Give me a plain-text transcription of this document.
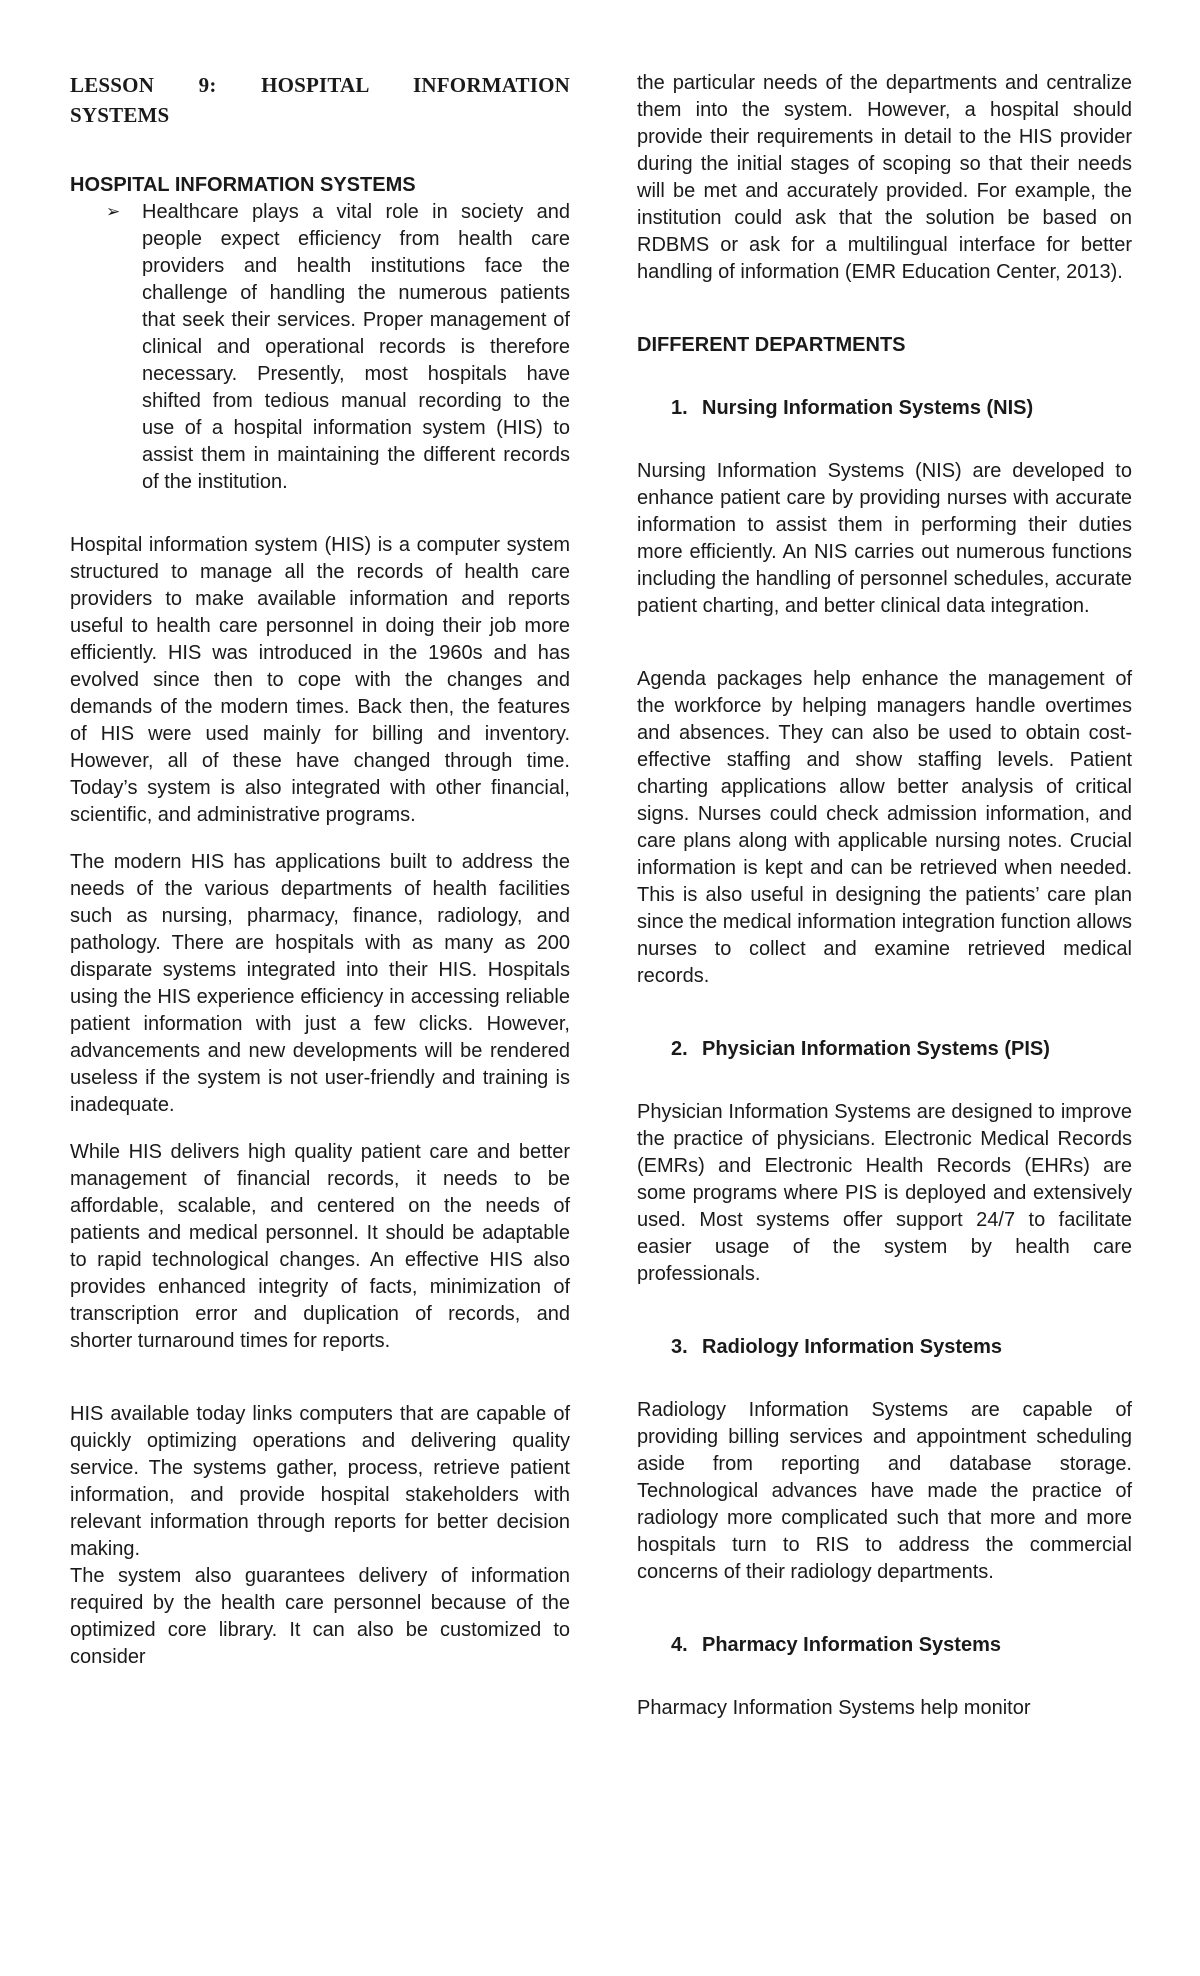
LESSON 9: HOSPITAL INFORMATION
SYSTEMS
HOSPITAL INFORMATION SYSTEMS
➢ Healthcare plays a vital role in society and people expect efficiency from health care providers and health institutions face the challenge of handling the numerous patients that seek their services. Proper management of clinical and operational records is therefore necessary. Presently, most hospitals have shifted from tedious manual recording to the use of a hospital information system (HIS) to assist them in maintaining the different records of the institution.

Hospital information system (HIS) is a computer system structured to manage all the records of health care providers to make available information and reports useful to health care personnel in doing their job more efficiently. HIS was introduced in the 1960s and has evolved since then to cope with the changes and demands of the modern times. Back then, the features of HIS were used mainly for billing and inventory. However, all of these have changed through time. Today’s system is also integrated with other financial, scientific, and administrative programs.

The modern HIS has applications built to address the needs of the various departments of health facilities such as nursing, pharmacy, finance, radiology, and pathology. There are hospitals with as many as 200 disparate systems integrated into their HIS. Hospitals using the HIS experience efficiency in accessing reliable patient information with just a few clicks. However, advancements and new developments will be rendered useless if the system is not user-friendly and training is inadequate.

While HIS delivers high quality patient care and better management of financial records, it needs to be affordable, scalable, and centered on the needs of patients and medical personnel. It should be adaptable to rapid technological changes. An effective HIS also provides enhanced integrity of facts, minimization of transcription error and duplication of records, and shorter turnaround times for reports.

HIS available today links computers that are capable of quickly optimizing operations and delivering quality service. The systems gather, process, retrieve patient information, and provide hospital stakeholders with relevant information through reports for better decision making.

The system also guarantees delivery of information required by the health care personnel because of the optimized core library. It can also be customized to consider

the particular needs of the departments and centralize them into the system. However, a hospital should provide their requirements in detail to the HIS provider during the initial stages of scoping so that their needs will be met and accurately provided. For example, the institution could ask that the solution be based on RDBMS or ask for a multilingual interface for better handling of information (EMR Education Center, 2013).

DIFFERENT DEPARTMENTS
1. Nursing Information Systems (NIS)

Nursing Information Systems (NIS) are developed to enhance patient care by providing nurses with accurate information to assist them in performing their duties more efficiently. An NIS carries out numerous functions including the handling of personnel schedules, accurate patient charting, and better clinical data integration.

Agenda packages help enhance the management of the workforce by helping managers handle overtimes and absences. They can also be used to obtain cost-effective staffing and show staffing levels. Patient charting applications allow better analysis of critical signs. Nurses could check admission information, and care plans along with applicable nursing notes. Crucial information is kept and can be retrieved when needed. This is also useful in designing the patients’ care plan since the medical information integration function allows nurses to collect and examine retrieved medical records.

2. Physician Information Systems (PIS)

Physician Information Systems are designed to improve the practice of physicians. Electronic Medical Records (EMRs) and Electronic Health Records (EHRs) are some programs where PIS is deployed and extensively used. Most systems offer support 24/7 to facilitate easier usage of the system by health care professionals.

3. Radiology Information Systems

Radiology Information Systems are capable of providing billing services and appointment scheduling aside from reporting and database storage. Technological advances have made the practice of radiology more complicated such that more and more hospitals turn to RIS to address the commercial concerns of their radiology departments.

4. Pharmacy Information Systems

Pharmacy Information Systems help monitor
